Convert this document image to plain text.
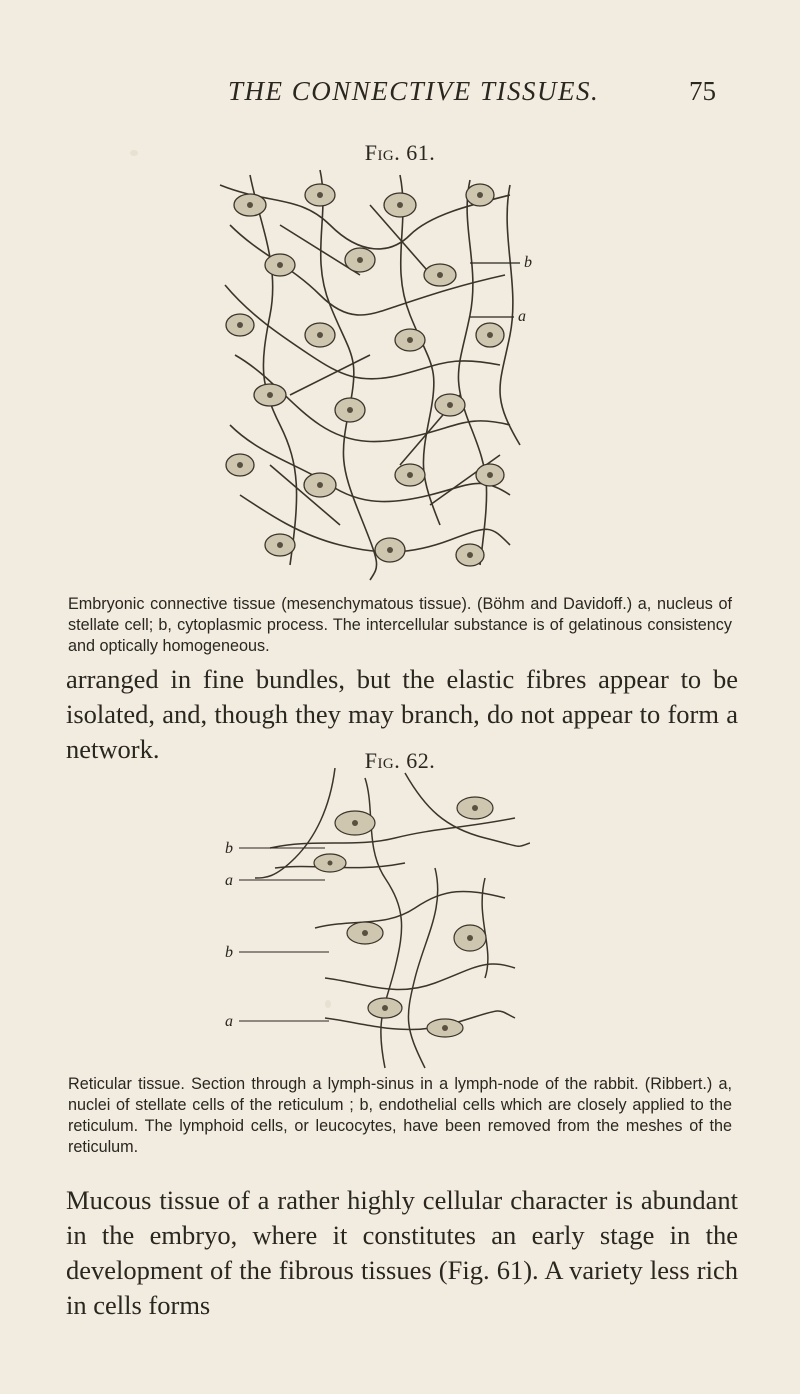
THE CONNECTIVE TISSUES.	75
Fig. 61.
b
a
Embryonic connective tissue (mesenchymatous tissue). (Böhm and Davidoff.) a, nucleus of stellate cell; b, cytoplasmic process. The intercellular substance is of gelatinous consistency and optically homogeneous.
arranged in fine bundles, but the elastic fibres appear to be isolated, and, though they may branch, do not appear to form a network.	Fig. 62.
b
a
b
a
Reticular tissue. Section through a lymph-sinus in a lymph-node of the rabbit. (Ribbert.) a, nuclei of stellate cells of the reticulum ; b, endothelial cells which are closely applied to the reticulum. The lymphoid cells, or leucocytes, have been removed from the meshes of the reticulum.
Mucous tissue of a rather highly cellular character is abundant in the embryo, where it constitutes an early stage in the development of the fibrous tissues (Fig. 61). A variety less rich in cells forms
